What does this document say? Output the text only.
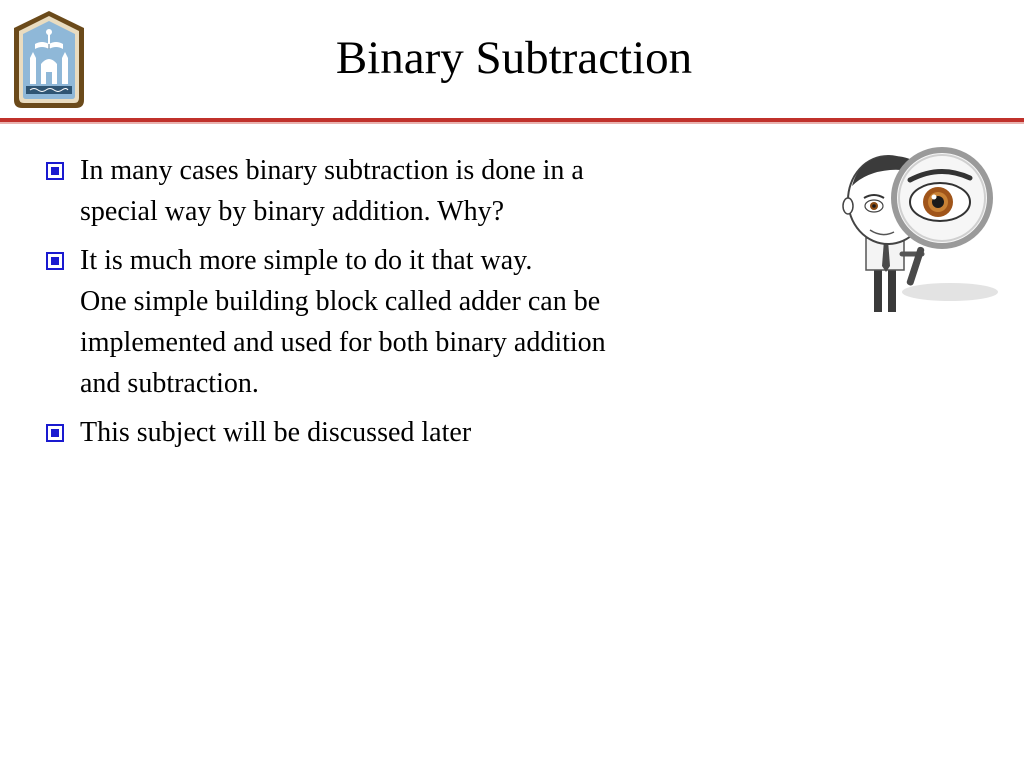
Binary Subtraction
In many cases binary subtraction is done in a
special way by binary addition. Why?
It is much more simple to do it that way.
One simple building block called adder can be
implemented and used for both binary addition
and subtraction.
This subject will be discussed later
